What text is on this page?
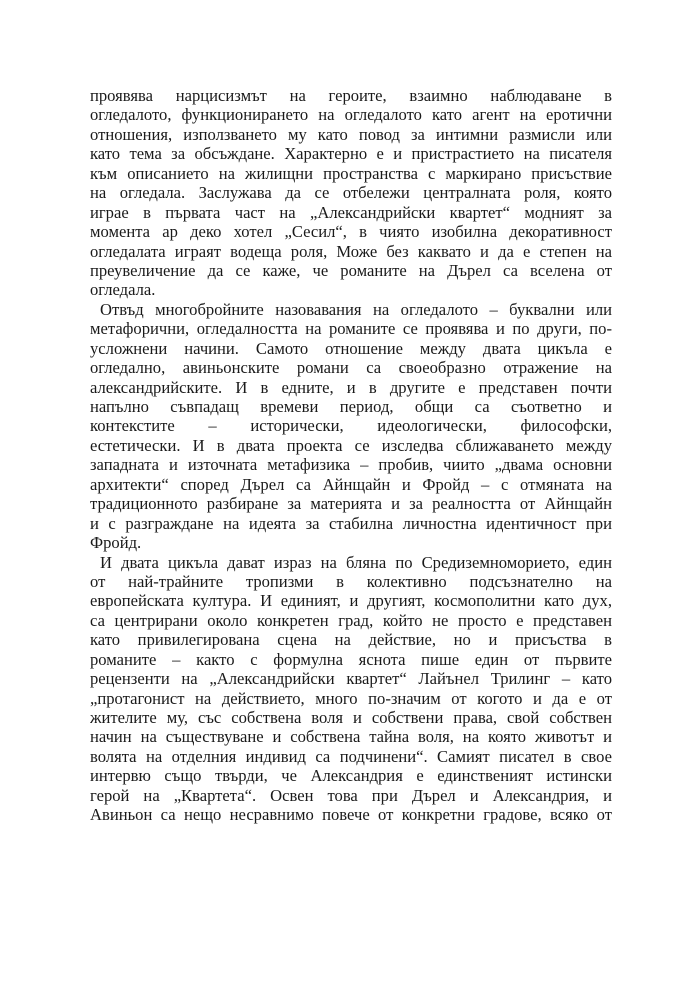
проявява нарцисизмът на героите, взаимно наблюдаване в
огледалото, функционирането на огледалото като агент на еротични
отношения, използването му като повод за интимни размисли или
като тема за обсъждане. Характерно е и пристрастието на писателя
към описанието на жилищни пространства с маркирано присъствие
на огледала. Заслужава да се отбележи централната роля, която
играе в първата част на „Александрийски квартет“ модният за
момента ар деко хотел „Сесил“, в чиято изобилна декоративност
огледалата играят водеща роля, Може без каквато и да е степен на
преувеличение да се каже, че романите на Дърел са вселена от
огледала.
Отвъд многобройните назовавания на огледалото – буквални или
метафорични, огледалността на романите се проявява и по други, по-
усложнени начини. Самото отношение между двата цикъла е
огледално, авиньонските романи са своеобразно отражение на
александрийските. И в едните, и в другите е представен почти
напълно съвпадащ времеви период, общи са съответно и
контекстите – исторически, идеологически, философски,
естетически. И в двата проекта се изследва сближаването между
западната и източната метафизика – пробив, чиито „двама основни
архитекти“ според Дърел са Айнщайн и Фройд – с отмяната на
традиционното разбиране за материята и за реалността от Айнщайн
и с разграждане на идеята за стабилна личностна идентичност при
Фройд.
И двата цикъла дават израз на бляна по Средиземноморието, един
от най-трайните тропизми в колективно подсъзнателно на
европейската култура. И единият, и другият, космополитни като дух,
са центрирани около конкретен град, който не просто е представен
като привилегирована сцена на действие, но и присъства в
романите – както с формулна яснота пише един от първите
рецензенти на „Александрийски квартет“ Лайънел Трилинг – като
„протагонист на действието, много по-значим от когото и да е от
жителите му, със собствена воля и собствени права, свой собствен
начин на съществуване и собствена тайна воля, на която животът и
волята на отделния индивид са подчинени“. Самият писател в свое
интервю също твърди, че Александрия е единственият истински
герой на „Квартета“. Освен това при Дърел и Александрия, и
Авиньон са нещо несравнимо повече от конкретни градове, всяко от
